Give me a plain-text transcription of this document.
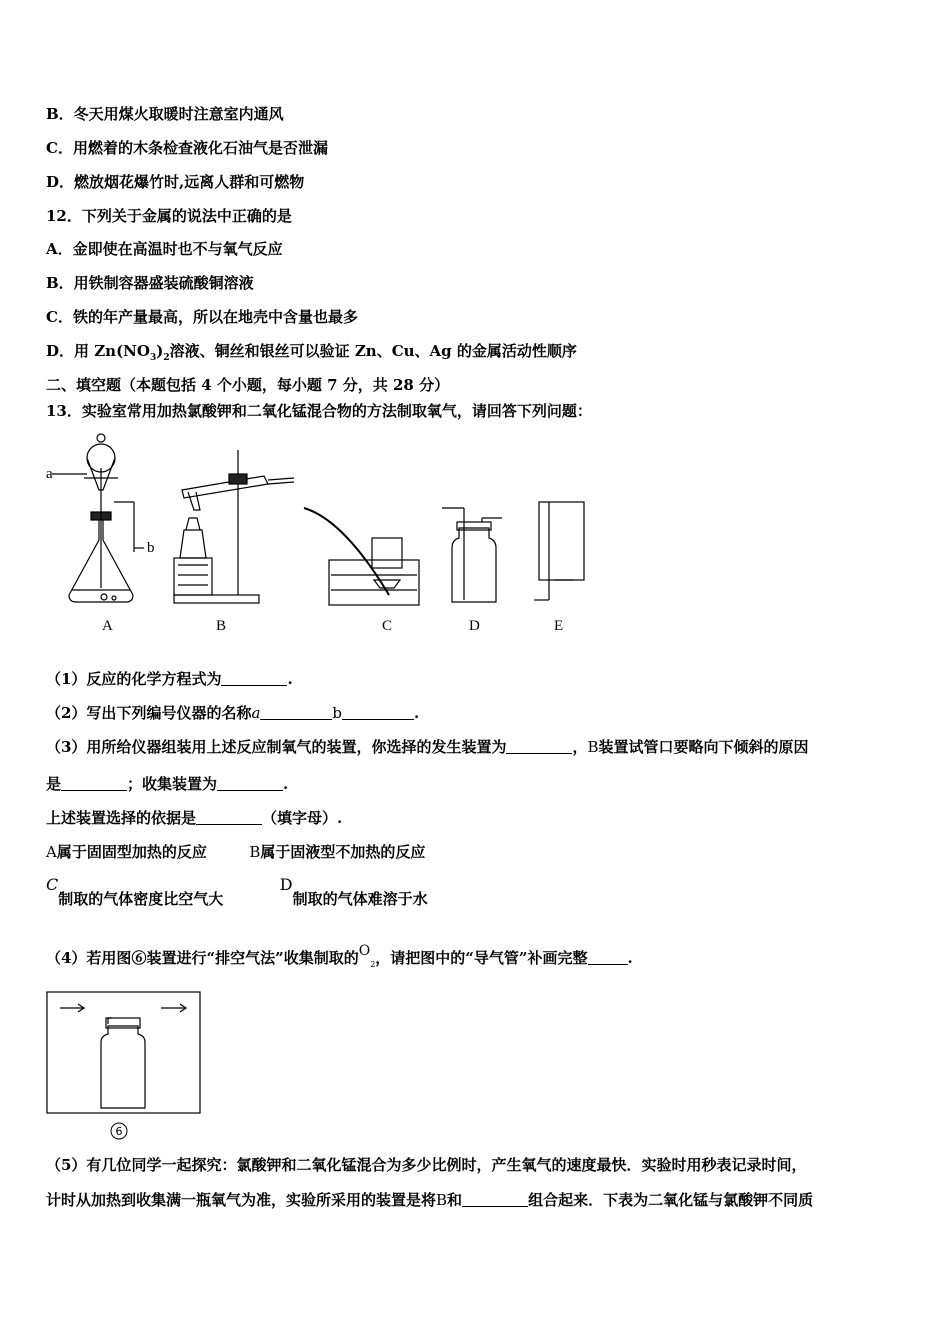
B．冬天用煤火取暖时注意室内通风
C．用燃着的木条检查液化石油气是否泄漏
D．燃放烟花爆竹时,远离人群和可燃物
12．下列关于金属的说法中正确的是
A．金即使在高温时也不与氧气反应
B．用铁制容器盛装硫酸铜溶液
C．铁的年产量最高，所以在地壳中含量也最多
D．用 $Zn(NO_3)_2$溶液、铜丝和银丝可以验证 Zn、Cu、Ag 的金属活动性顺序
二、填空题（本题包括 4 个小题，每小题 7 分，共 28 分）
13．实验室常用加热氯酸钾和二氧化锰混合物的方法制取氧气，请回答下列问题：
a
b
A	B	C	D	E
（1）反应的化学方程式为	.
（2）写出下列编号仪器的名称a	b	.
（3）用所给仪器组装用上述反应制氧气的装置，你选择的发生装置为	，B装置试管口要略向下倾斜的原因
是	；收集装置为	.
上述装置选择的依据是	（填字母）.
A属于固固型加热的反应	B属于固液型不加热的反应
C制取的气体密度比空气大  D制取的气体难溶于水
（4）若用图⑥装置进行“排空气法”收集制取的$O_2$，请把图中的“导气管”补画完整	.
6
（5）有几位同学一起探究：氯酸钾和二氧化锰混合为多少比例时，产生氧气的速度最快．实验时用秒表记录时间，
计时从加热到收集满一瓶氧气为准，实验所采用的装置是将B和	组合起来．下表为二氧化锰与氯酸钾不同质
